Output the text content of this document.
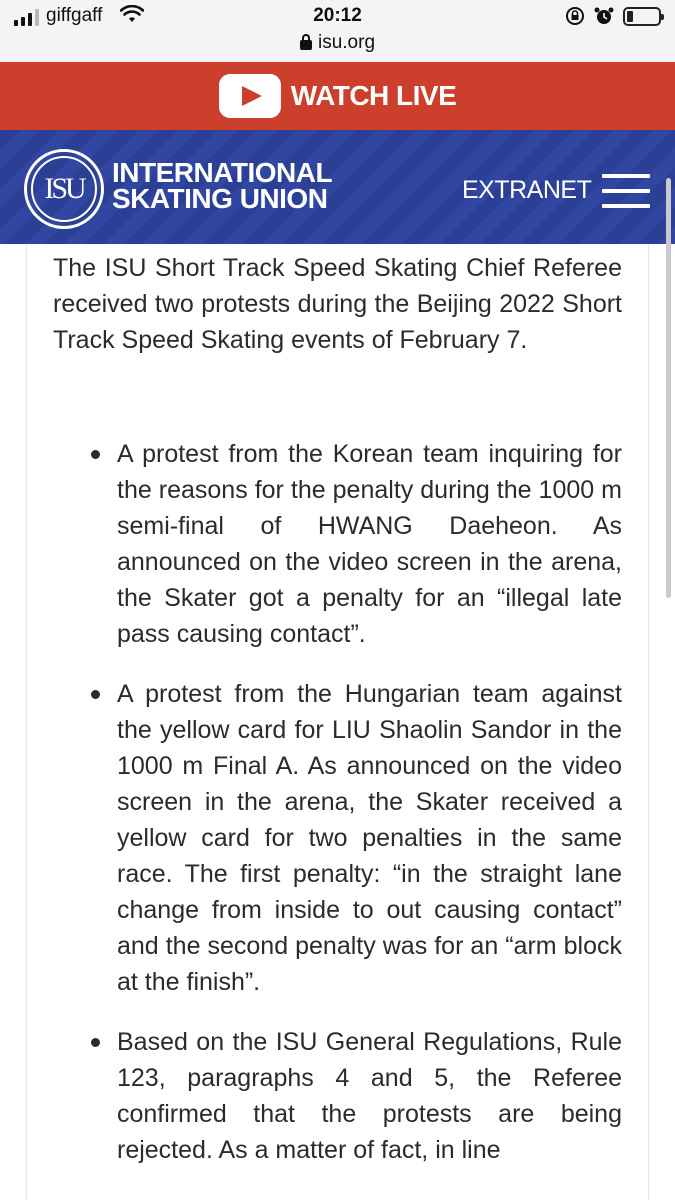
giffgaff	20:12
isu.org
WATCH LIVE
ISU	INTERNATIONAL
SKATING UNION	EXTRANET

The ISU Short Track Speed Skating Chief Referee received two protests during the Beijing 2022 Short Track Speed Skating events of February 7.

A protest from the Korean team inquiring for the reasons for the penalty during the 1000 m semi-final of HWANG Daeheon. As announced on the video screen in the arena, the Skater got a penalty for an “illegal late pass causing contact”.
A protest from the Hungarian team against the yellow card for LIU Shaolin Sandor in the 1000 m Final A. As announced on the video screen in the arena, the Skater received a yellow card for two penalties in the same race. The first penalty: “in the straight lane change from inside to out causing contact” and the second penalty was for an “arm block at the finish”.
Based on the ISU General Regulations, Rule 123, paragraphs 4 and 5, the Referee confirmed that the protests are being rejected. As a matter of fact, in line
